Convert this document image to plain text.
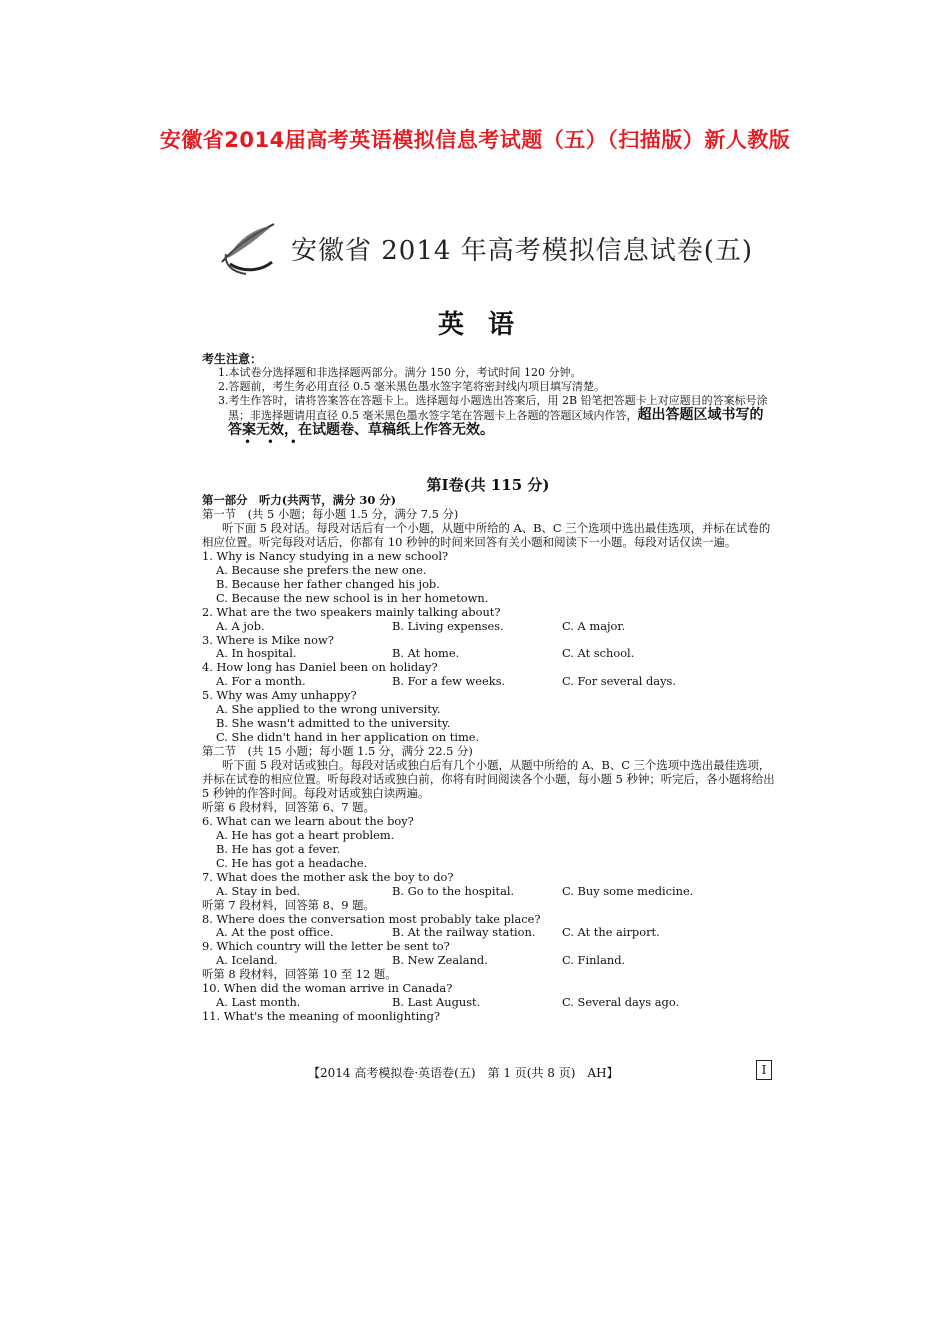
安徽省2014届高考英语模拟信息考试题（五）（扫描版）新人教版
安徽省 2014 年高考模拟信息试卷(五)
英语
考生注意：
1.本试卷分选择题和非选择题两部分。满分 150 分，考试时间 120 分钟。
2.答题前，考生务必用直径 0.5 毫米黑色墨水签字笔将密封线内项目填写清楚。
3.考生作答时，请将答案答在答题卡上。选择题每小题选出答案后，用 2B 铅笔把答题卡上对应题目的答案标号涂黑；非选择题请用直径 0.5 毫米黑色墨水签字笔在答题卡上各题的答题区域内作答，超出答题区域书写的答案无效，在试题卷、草稿纸上作答无效。
• • •
第Ⅰ卷(共 115 分)
第一部分　听力(共两节，满分 30 分)
第一节　(共 5 小题；每小题 1.5 分，满分 7.5 分)
听下面 5 段对话。每段对话后有一个小题，从题中所给的 A、B、C 三个选项中选出最佳选项，并标在试卷的相应位置。听完每段对话后，你都有 10 秒钟的时间来回答有关小题和阅读下一小题。每段对话仅读一遍。
1. Why is Nancy studying in a new school?
A. Because she prefers the new one.
B. Because her father changed his job.
C. Because the new school is in her hometown.
2. What are the two speakers mainly talking about?
A. A job.	B. Living expenses.	C. A major.
3. Where is Mike now?
A. In hospital.	B. At home.	C. At school.
4. How long has Daniel been on holiday?
A. For a month.	B. For a few weeks.	C. For several days.
5. Why was Amy unhappy?
A. She applied to the wrong university.
B. She wasn't admitted to the university.
C. She didn't hand in her application on time.
第二节　(共 15 小题；每小题 1.5 分，满分 22.5 分)
听下面 5 段对话或独白。每段对话或独白后有几个小题，从题中所给的 A、B、C 三个选项中选出最佳选项，并标在试卷的相应位置。听每段对话或独白前，你将有时间阅读各个小题，每小题 5 秒钟；听完后，各小题将给出 5 秒钟的作答时间。每段对话或独白读两遍。
听第 6 段材料，回答第 6、7 题。
6. What can we learn about the boy?
A. He has got a heart problem.
B. He has got a fever.
C. He has got a headache.
7. What does the mother ask the boy to do?
A. Stay in bed.	B. Go to the hospital.	C. Buy some medicine.
听第 7 段材料，回答第 8、9 题。
8. Where does the conversation most probably take place?
A. At the post office.	B. At the railway station. C. At the airport.
9. Which country will the letter be sent to?
A. Iceland.	B. New Zealand.	C. Finland.
听第 8 段材料，回答第 10 至 12 题。
10. When did the woman arrive in Canada?
A. Last month.	B. Last August.	C. Several days ago.
11. What's the meaning of moonlighting?
【2014 高考模拟卷·英语卷(五)　第 1 页(共 8 页)　AH】	Ⅰ
